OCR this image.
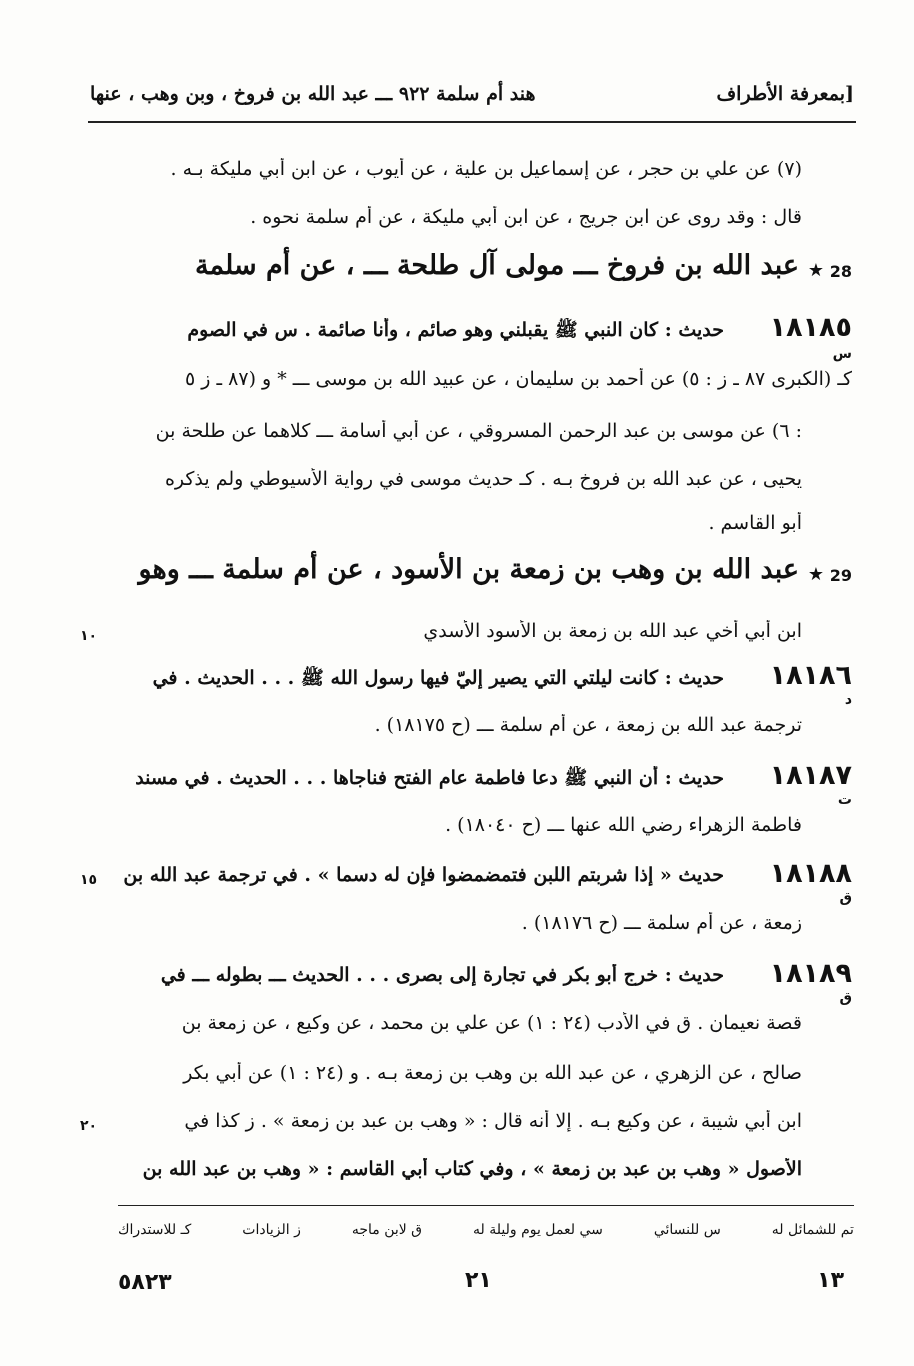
بمعرفة الأطراف]
هند أم سلمة ٩٢٢ ـــ عبد الله بن فروخ ، وبن وهب ، عنها
(٧) عن علي بن حجر ، عن إسماعيل بن علية ، عن أيوب ، عن ابن أبي مليكة بـه .
قال : وقد روى عن ابن جريج ، عن ابن أبي مليكة ، عن أم سلمة نحوه .
28
★
عبد الله بن فروخ ـــ مولى آل طلحة ـــ ، عن أم سلمة
١٨١٨٥
س
حديث : كان النبي ﷺ يقبلني وهو صائم ، وأنا صائمة . س في الصوم
كـ (الكبرى ٨٧ ـ ز : ٥) عن أحمد بن سليمان ، عن عبيد الله بن موسى ـــ * و (٨٧ ـ ز ٥
: ٦) عن موسى بن عبد الرحمن المسروقي ، عن أبي أسامة ـــ كلاهما عن طلحة بن
يحيى ، عن عبد الله بن فروخ بـه . كـ حديث موسى في رواية الأسيوطي ولم يذكره
أبو القاسم .
29
★
عبد الله بن وهب بن زمعة بن الأسود ، عن أم سلمة ـــ وهو
ابن أبي أخي عبد الله بن زمعة بن الأسود الأسدي
١٠
١٨١٨٦
د
حديث : كانت ليلتي التي يصير إليّ فيها رسول الله ﷺ . . . الحديث . في
ترجمة عبد الله بن زمعة ، عن أم سلمة ـــ (ح ١٨١٧٥) .
١٨١٨٧
ت
حديث : أن النبي ﷺ دعا فاطمة عام الفتح فناجاها . . . الحديث . في مسند
فاطمة الزهراء رضي الله عنها ـــ (ح ١٨٠٤٠) .
١٨١٨٨
ق
حديث « إذا شربتم اللبن فتمضمضوا فإن له دسما » . في ترجمة عبد الله بن
١٥
زمعة ، عن أم سلمة ـــ (ح ١٨١٧٦) .
١٨١٨٩
ق
حديث : خرج أبو بكر في تجارة إلى بصرى . . . الحديث ـــ بطوله ـــ في
قصة نعيمان . ق في الأدب (٢٤ : ١) عن علي بن محمد ، عن وكيع ، عن زمعة بن
صالح ، عن الزهري ، عن عبد الله بن وهب بن زمعة بـه . و (٢٤ : ١) عن أبي بكر
ابن أبي شيبة ، عن وكيع بـه . إلا أنه قال : « وهب بن عبد بن زمعة » . ز كذا في
٢٠
الأصول « وهب بن عبد بن زمعة » ، وفي كتاب أبي القاسم : « وهب بن عبد الله بن
تم للشمائل له
س للنسائي
سي لعمل يوم وليلة له
ق لابن ماجه
ز الزيادات
كـ للاستدراك
١٣
٢١
٥٨٢٣
